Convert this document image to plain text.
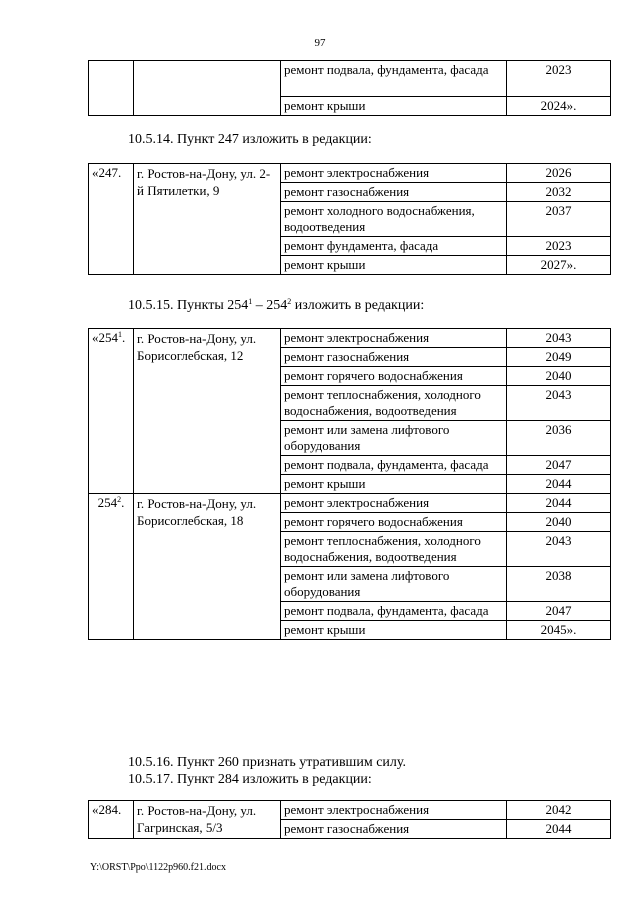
97
		ремонт подвала, фундамента, фасада	2023
		ремонт крыши	2024».
10.5.14. Пункт 247 изложить в редакции:
«247.	г. Ростов-на-Дону, ул. 2-й Пятилетки, 9	ремонт электроснабжения	2026
		ремонт газоснабжения	2032
		ремонт холодного водоснабжения, водоотведения	2037
		ремонт фундамента, фасада	2023
		ремонт крыши	2027».
10.5.15. Пункты $254^1 - 254^2$ изложить в редакции:
«$254^1$.	г. Ростов-на-Дону, ул. Борисоглебская, 12	ремонт электроснабжения	2043
		ремонт газоснабжения	2049
		ремонт горячего водоснабжения	2040
		ремонт теплоснабжения, холодного водоснабжения, водоотведения	2043
		ремонт или замена лифтового оборудования	2036
		ремонт подвала, фундамента, фасада	2047
		ремонт крыши	2044
$254^2$.	г. Ростов-на-Дону, ул. Борисоглебская, 18	ремонт электроснабжения	2044
		ремонт горячего водоснабжения	2040
		ремонт теплоснабжения, холодного водоснабжения, водоотведения	2043
		ремонт или замена лифтового оборудования	2038
		ремонт подвала, фундамента, фасада	2047
		ремонт крыши	2045».
10.5.16. Пункт 260 признать утратившим силу.
10.5.17. Пункт 284 изложить в редакции:
«284.	г. Ростов-на-Дону, ул. Гагринская, 5/3	ремонт электроснабжения	2042
		ремонт газоснабжения	2044
Y:\ORST\Ppo\1122p960.f21.docx
